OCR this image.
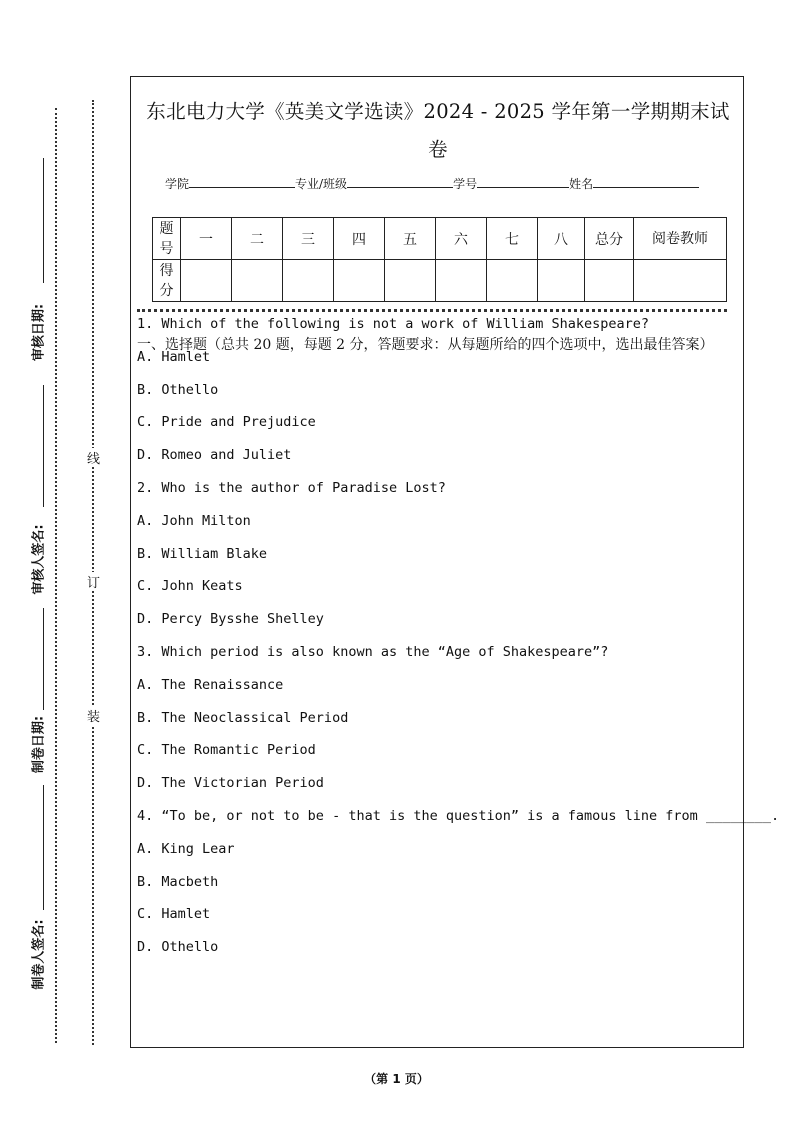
审核日期:
审核人签名:
制卷日期:
制卷人签名:
线
订
装
东北电力大学《英美文学选读》2024 - 2025 学年第一学期期末试
卷
学院	专业/班级	学号	姓名
题号	一	二	三	四	五	六	七	八	总分	阅卷教师
得分										
一、选择题（总共 20 题，每题 2 分，答题要求：从每题所给的四个选项中，选出最佳答案）
1. Which of the following is not a work of William Shakespeare?
A. Hamlet
B. Othello
C. Pride and Prejudice
D. Romeo and Juliet
2. Who is the author of Paradise Lost?
A. John Milton
B. William Blake
C. John Keats
D. Percy Bysshe Shelley
3. Which period is also known as the “Age of Shakespeare”?
A. The Renaissance
B. The Neoclassical Period
C. The Romantic Period
D. The Victorian Period
4. “To be, or not to be - that is the question” is a famous line from ________.
A. King Lear
B. Macbeth
C. Hamlet
D. Othello
（第 1 页）
